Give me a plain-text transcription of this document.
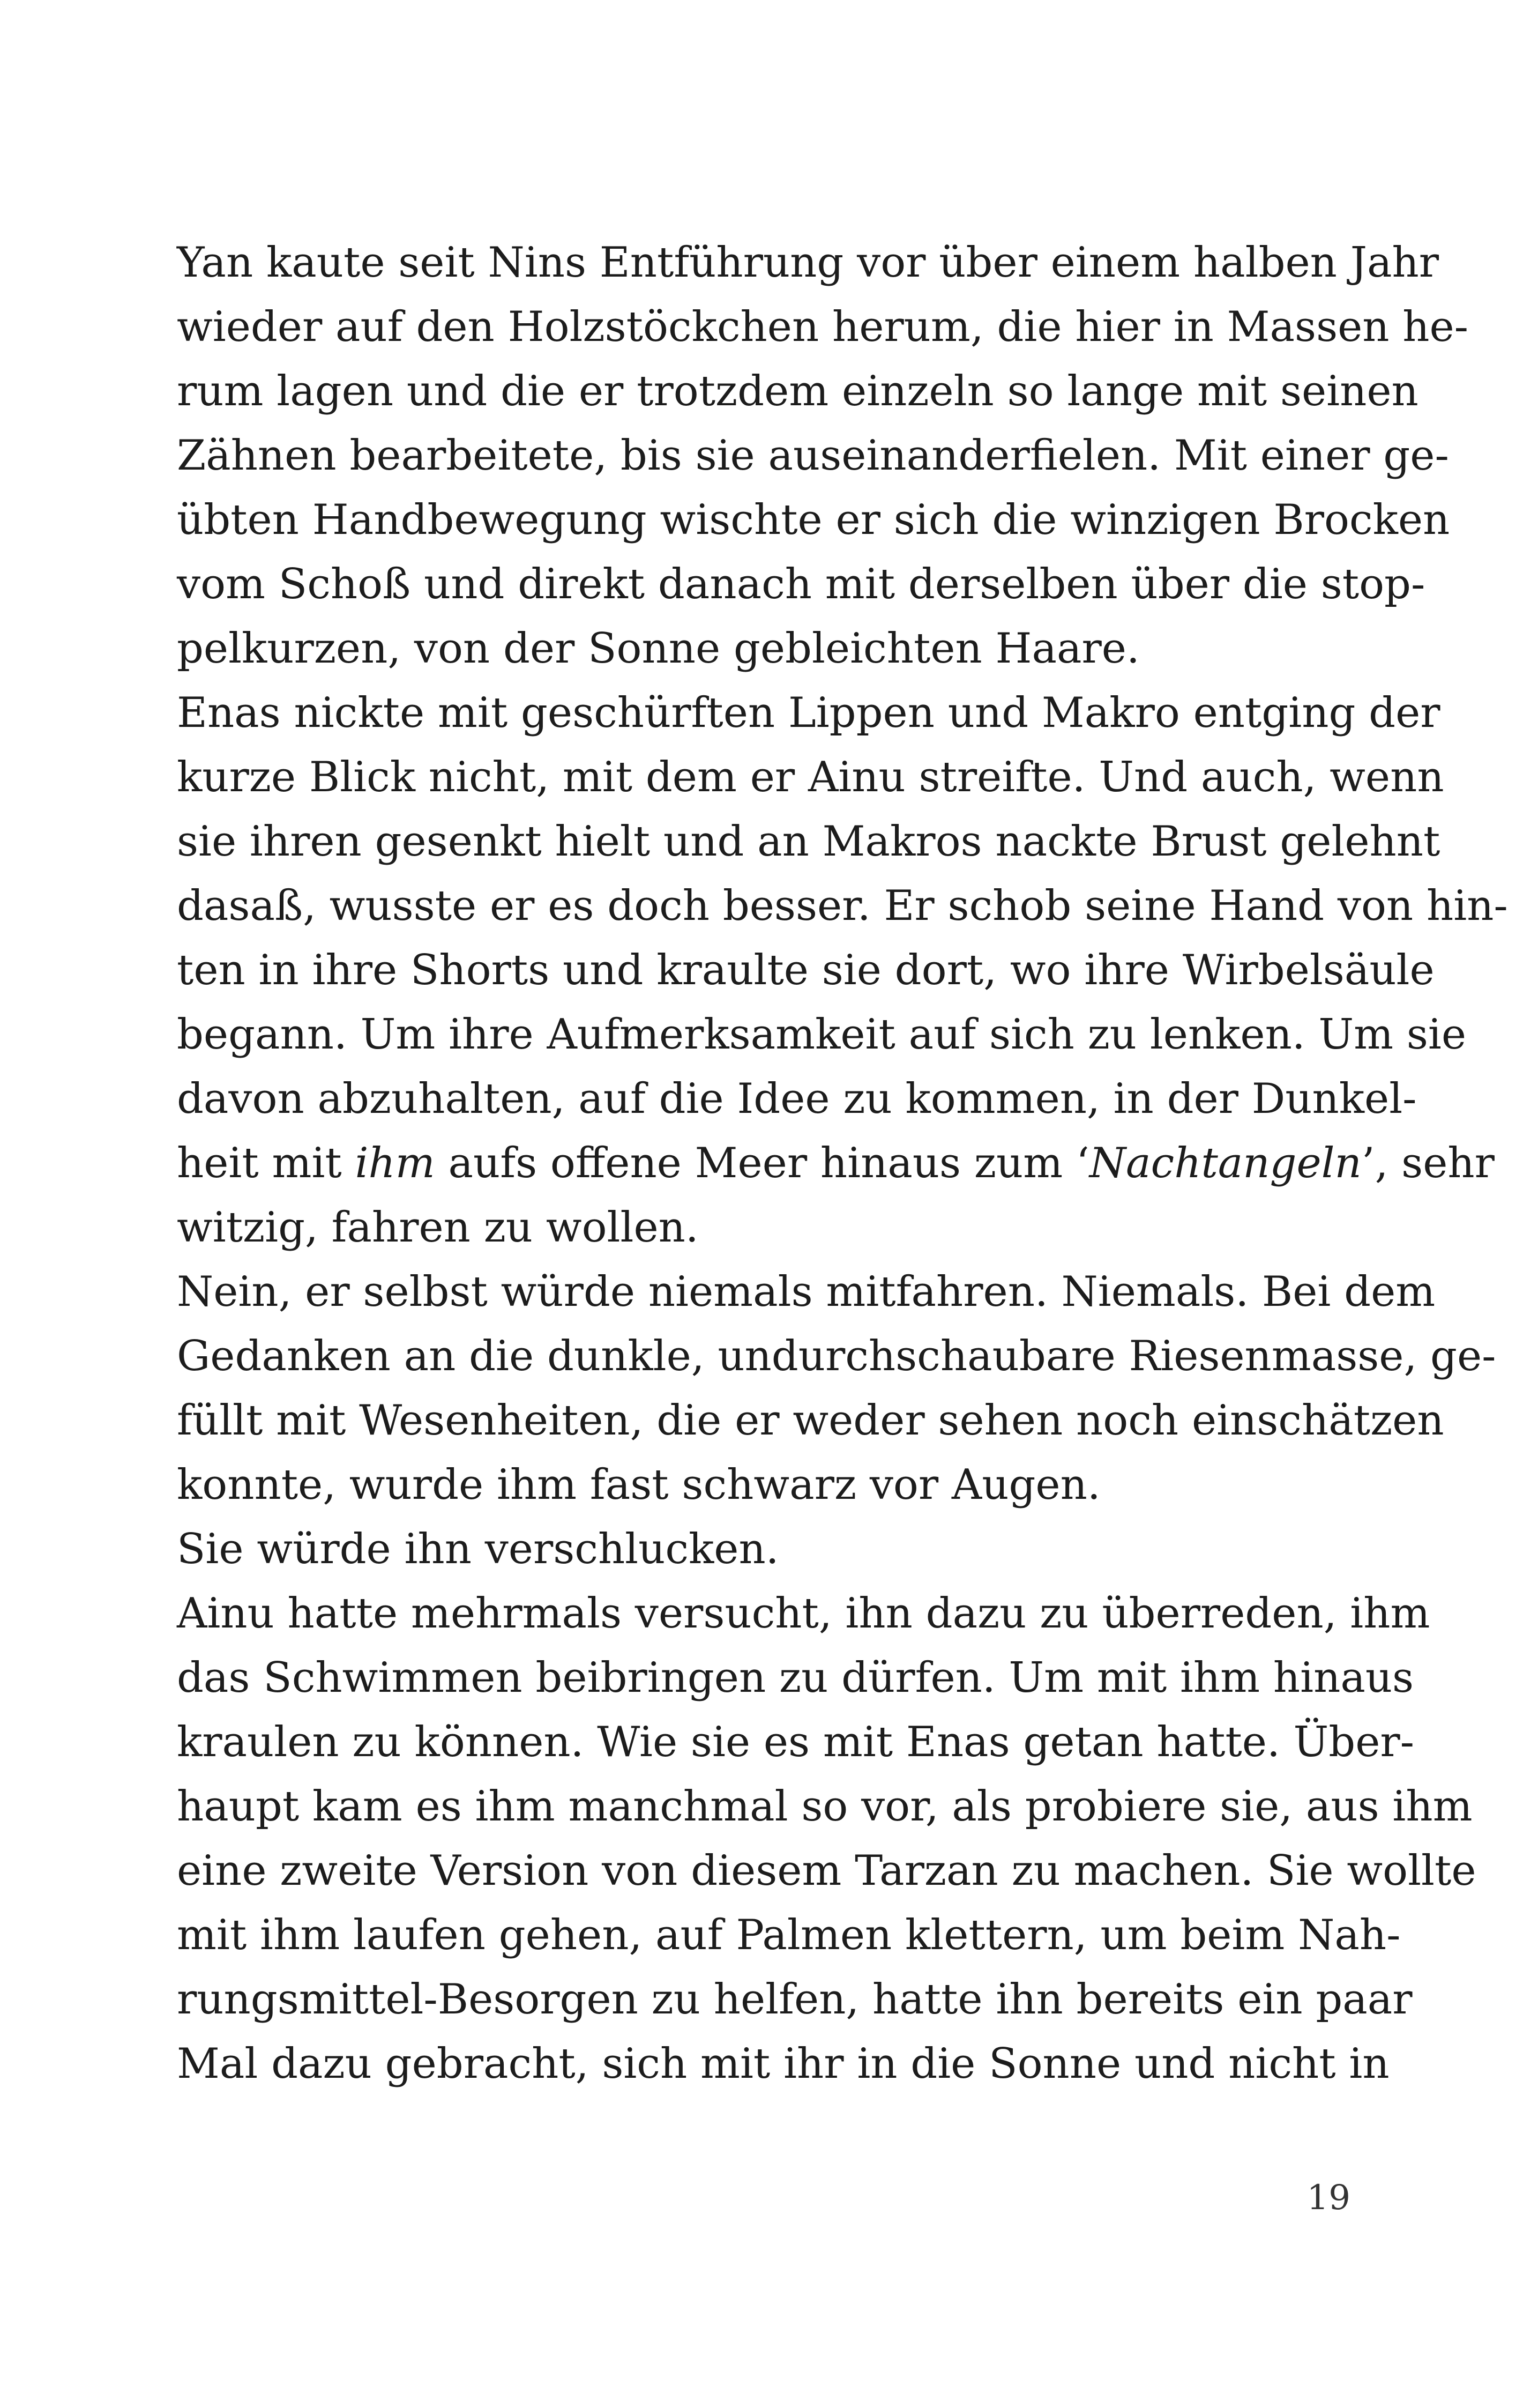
Yan kaute seit Nins Entführung vor über einem halben Jahr
wieder auf den Holzstöckchen herum, die hier in Massen he-
rum lagen und die er trotzdem einzeln so lange mit seinen
Zähnen bearbeitete, bis sie auseinanderfielen. Mit einer ge-
übten Handbewegung wischte er sich die winzigen Brocken
vom Schoß und direkt danach mit derselben über die stop-
pelkurzen, von der Sonne gebleichten Haare.
Enas nickte mit geschürften Lippen und Makro entging der
kurze Blick nicht, mit dem er Ainu streifte. Und auch, wenn
sie ihren gesenkt hielt und an Makros nackte Brust gelehnt
dasaß, wusste er es doch besser. Er schob seine Hand von hin-
ten in ihre Shorts und kraulte sie dort, wo ihre Wirbelsäule
begann. Um ihre Aufmerksamkeit auf sich zu lenken. Um sie
davon abzuhalten, auf die Idee zu kommen, in der Dunkel-
heit mit ihm aufs offene Meer hinaus zum ‘Nachtangeln’, sehr
witzig, fahren zu wollen.
Nein, er selbst würde niemals mitfahren. Niemals. Bei dem
Gedanken an die dunkle, undurchschaubare Riesenmasse, ge-
füllt mit Wesenheiten, die er weder sehen noch einschätzen
konnte, wurde ihm fast schwarz vor Augen.
Sie würde ihn verschlucken.
Ainu hatte mehrmals versucht, ihn dazu zu überreden, ihm
das Schwimmen beibringen zu dürfen. Um mit ihm hinaus
kraulen zu können. Wie sie es mit Enas getan hatte. Über-
haupt kam es ihm manchmal so vor, als probiere sie, aus ihm
eine zweite Version von diesem Tarzan zu machen. Sie wollte
mit ihm laufen gehen, auf Palmen klettern, um beim Nah-
rungsmittel-Besorgen zu helfen, hatte ihn bereits ein paar
Mal dazu gebracht, sich mit ihr in die Sonne und nicht in
19
